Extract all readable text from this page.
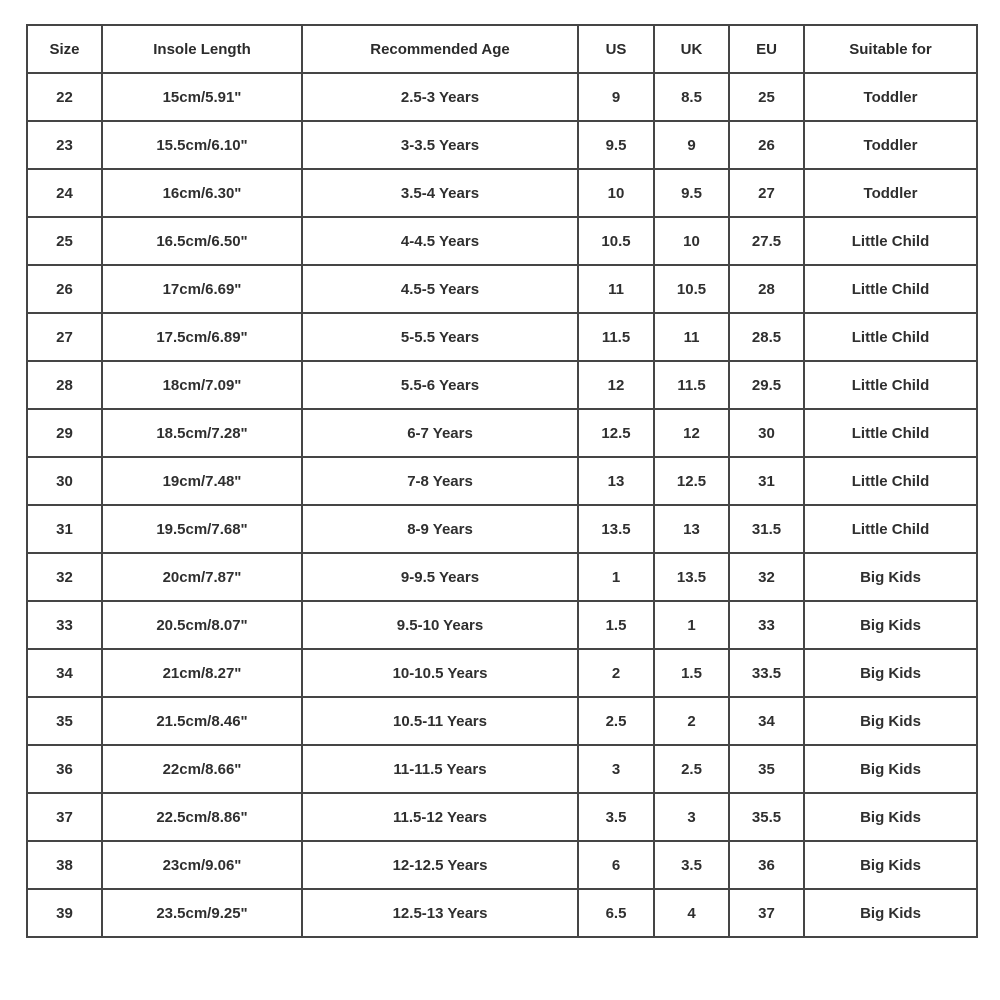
Size	Insole Length	Recommended Age	US	UK	EU	Suitable for
22	15cm/5.91"	2.5-3 Years	9	8.5	25	Toddler
23	15.5cm/6.10"	3-3.5 Years	9.5	9	26	Toddler
24	16cm/6.30"	3.5-4 Years	10	9.5	27	Toddler
25	16.5cm/6.50"	4-4.5 Years	10.5	10	27.5	Little Child
26	17cm/6.69"	4.5-5 Years	11	10.5	28	Little Child
27	17.5cm/6.89"	5-5.5 Years	11.5	11	28.5	Little Child
28	18cm/7.09"	5.5-6 Years	12	11.5	29.5	Little Child
29	18.5cm/7.28"	6-7 Years	12.5	12	30	Little Child
30	19cm/7.48"	7-8 Years	13	12.5	31	Little Child
31	19.5cm/7.68"	8-9 Years	13.5	13	31.5	Little Child
32	20cm/7.87"	9-9.5 Years	1	13.5	32	Big Kids
33	20.5cm/8.07"	9.5-10 Years	1.5	1	33	Big Kids
34	21cm/8.27"	10-10.5 Years	2	1.5	33.5	Big Kids
35	21.5cm/8.46"	10.5-11 Years	2.5	2	34	Big Kids
36	22cm/8.66"	11-11.5 Years	3	2.5	35	Big Kids
37	22.5cm/8.86"	11.5-12 Years	3.5	3	35.5	Big Kids
38	23cm/9.06"	12-12.5 Years	6	3.5	36	Big Kids
39	23.5cm/9.25"	12.5-13 Years	6.5	4	37	Big Kids
